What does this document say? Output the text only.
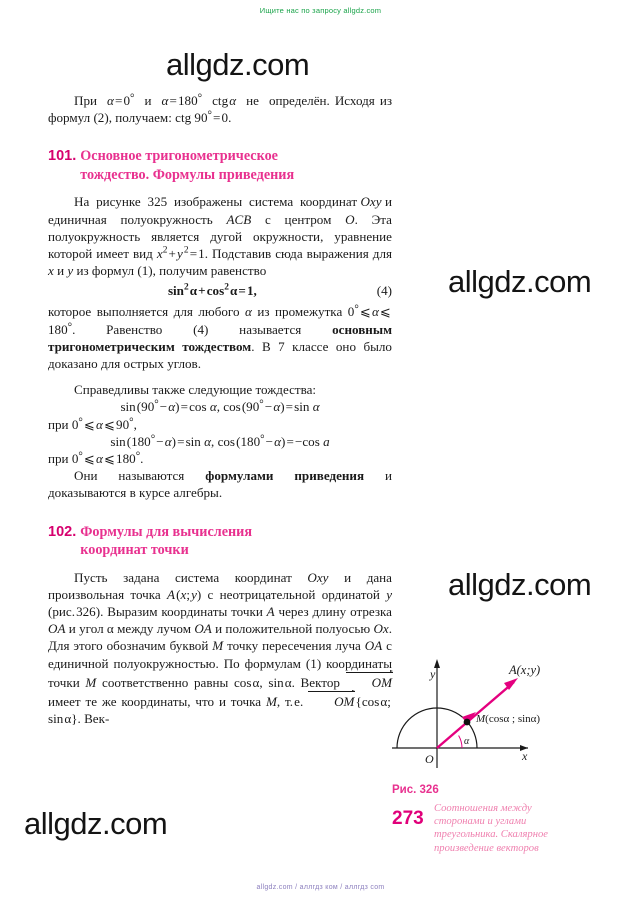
Ищите нас по запросу allgdz.com
allgdz.com
allgdz.com
allgdz.com
allgdz.com
allgdz.com / аллгдз ком / аллгдз com

При  α = 0°  и  α = 180°  ctg α  не  определён. Исходя из формул (2), получаем: ctg 90° = 0.

101. Основное тригонометрическое
тождество. Формулы приведения

На  рисунке  325  изображены  система  координат Oxy и единичная полуокружность ACB с центром O. Эта полуокружность является дугой окружности, уравнение которой имеет вид $x^2$ + y $^2$ = 1. Подставив сюда выражения для x и y из формул (1), получим равенство

$\sin^2$ α + $\cos^2$ α = 1,	(4)

которое выполняется для любого α из промежутка 0° ⩽ α ⩽ 180°. Равенство (4) называется основным тригонометрическим тождеством. В 7 классе оно было доказано для острых углов.

Справедливы также следующие тождества:

sin (90° − α) = cos α, cos (90° − α) = sin α

при 0° ⩽ α ⩽ 90°,

sin (180° − α) = sin α, cos (180° − α) = −cos a

при 0° ⩽ α ⩽ 180°.

Они называются формулами приведения и доказываются в курсе алгебры.

102. Формулы для вычисления
координат точки

Пусть задана система координат Oxy и дана произвольная точка A (x; y) с неотрицательной ординатой y (рис. 326). Выразим координаты точки A через длину отрезка OA и угол α между лучом OA и положительной полуосью Ox. Для этого обозначим буквой M точку пересечения луча OA с единичной полуокружностью. По формулам (1) координаты точки M соответственно равны cos α, sin α. Вектор OM имеет те же координаты, что и точка M, т. е. OM {cos α; sin α}. Век-

y
x
O
α
A(x;y)
M(cosα ; sinα)
Рис. 326
273 Соотношения между
сторонами и углами
треугольника. Скалярное
произведение векторов
